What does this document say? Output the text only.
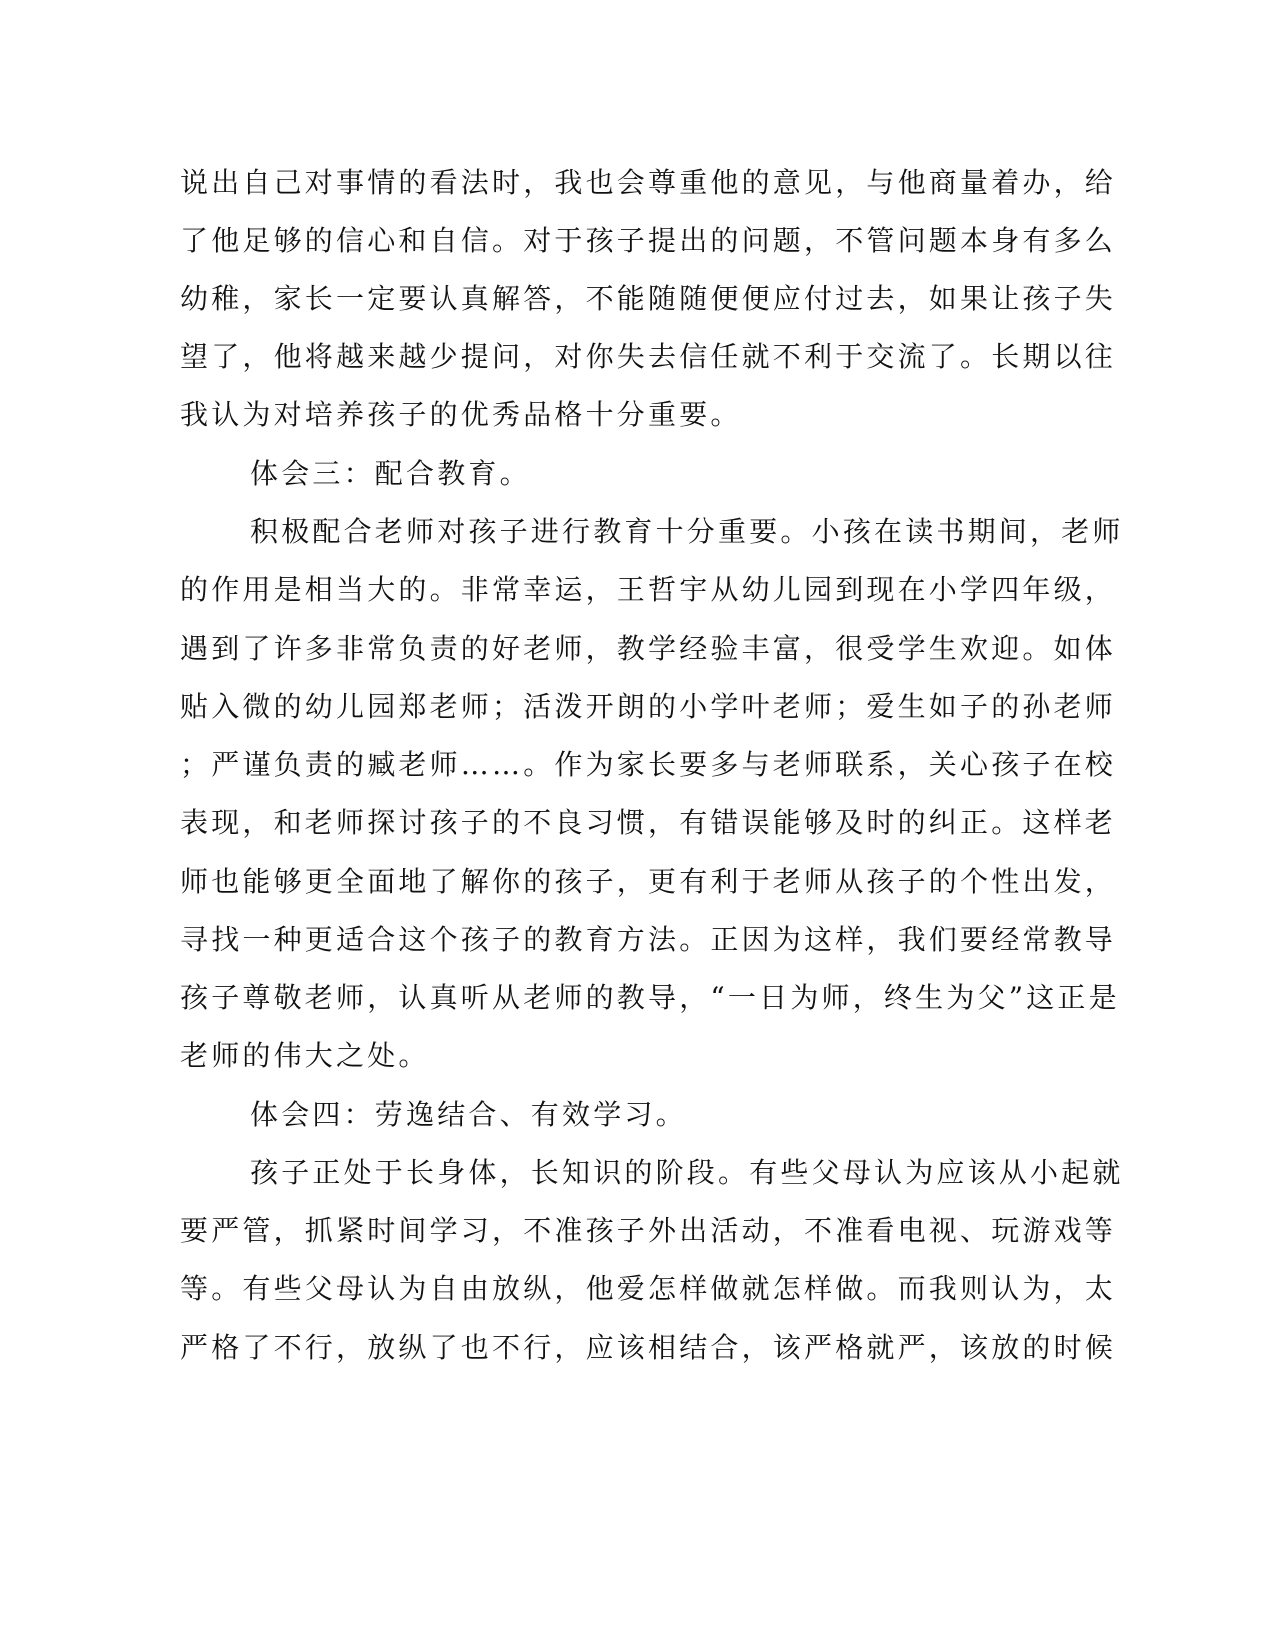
说出自己对事情的看法时，我也会尊重他的意见，与他商量着办，给
了他足够的信心和自信。对于孩子提出的问题，不管问题本身有多么
幼稚，家长一定要认真解答，不能随随便便应付过去，如果让孩子失
望了，他将越来越少提问，对你失去信任就不利于交流了。长期以往
我认为对培养孩子的优秀品格十分重要。
体会三：配合教育。
积极配合老师对孩子进行教育十分重要。小孩在读书期间，老师
的作用是相当大的。非常幸运，王哲宇从幼儿园到现在小学四年级，
遇到了许多非常负责的好老师，教学经验丰富，很受学生欢迎。如体
贴入微的幼儿园郑老师；活泼开朗的小学叶老师；爱生如子的孙老师
；严谨负责的臧老师……。作为家长要多与老师联系，关心孩子在校
表现，和老师探讨孩子的不良习惯，有错误能够及时的纠正。这样老
师也能够更全面地了解你的孩子，更有利于老师从孩子的个性出发，
寻找一种更适合这个孩子的教育方法。正因为这样，我们要经常教导
孩子尊敬老师，认真听从老师的教导，“一日为师，终生为父”这正是
老师的伟大之处。
体会四：劳逸结合、有效学习。
孩子正处于长身体，长知识的阶段。有些父母认为应该从小起就
要严管，抓紧时间学习，不准孩子外出活动，不准看电视、玩游戏等
等。有些父母认为自由放纵，他爱怎样做就怎样做。而我则认为，太
严格了不行，放纵了也不行，应该相结合，该严格就严，该放的时候
